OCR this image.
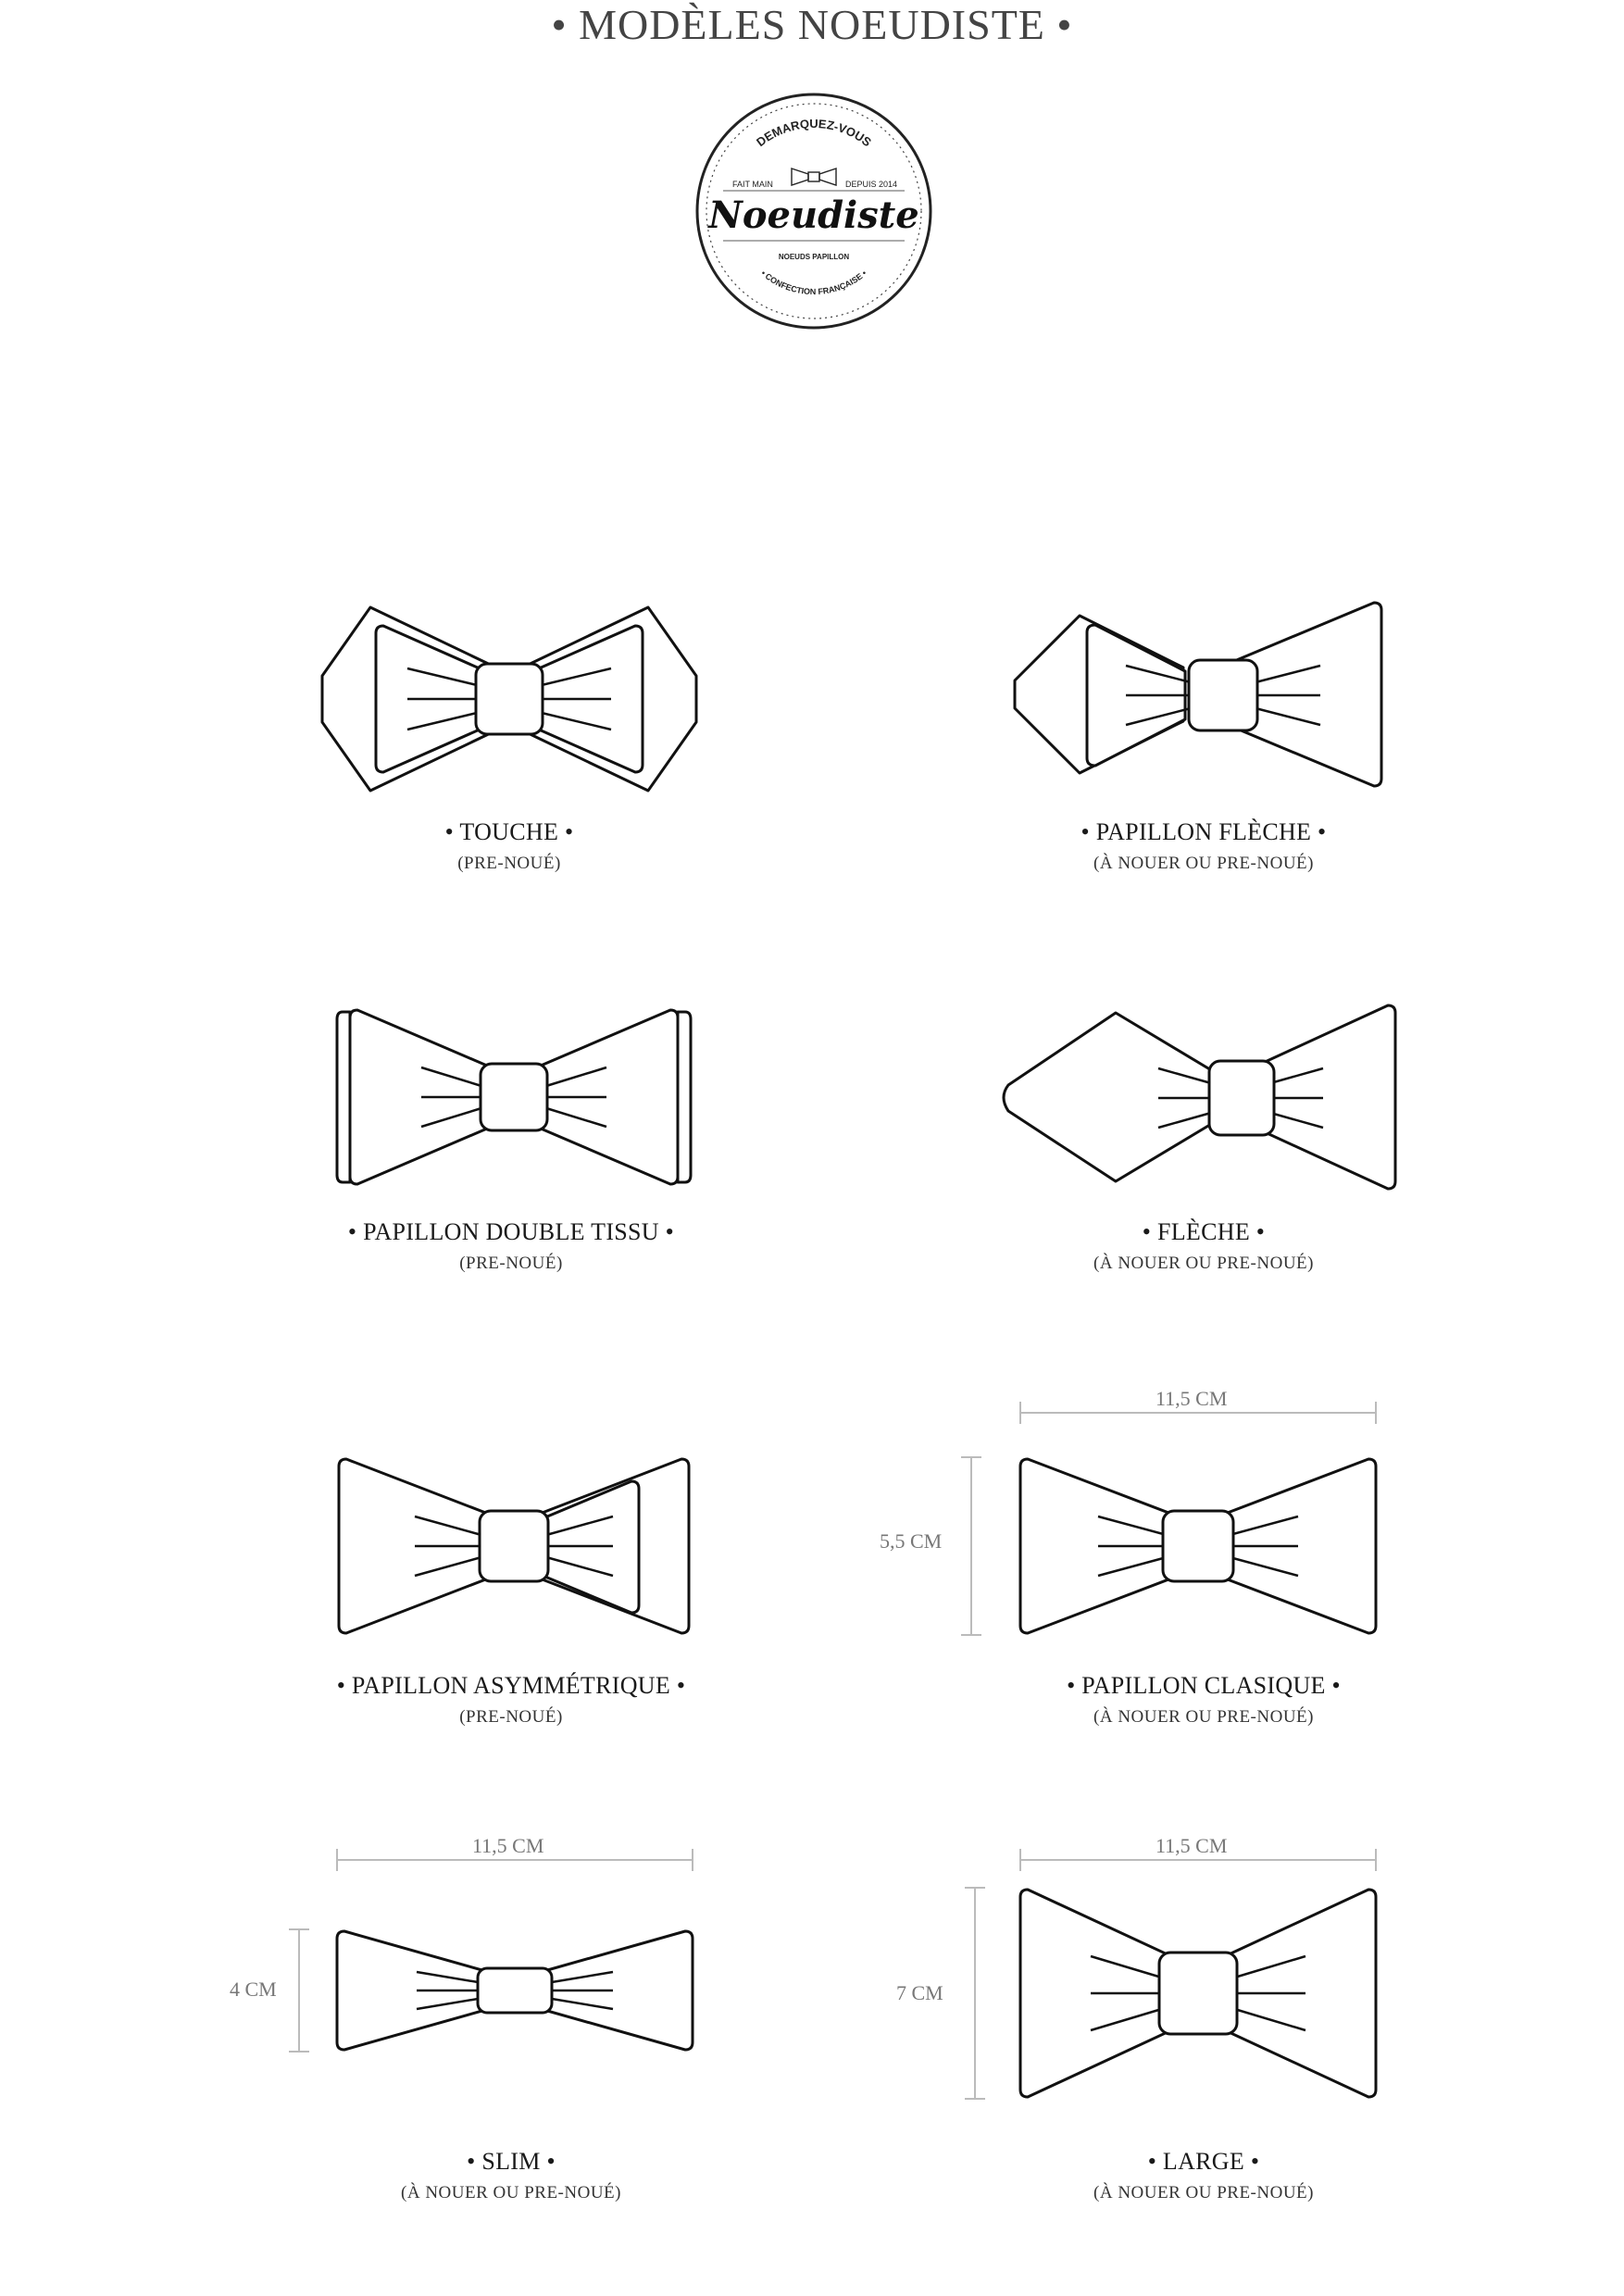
DEMARQUEZ-VOUS
FAIT MAIN	DEPUIS 2014
Noeudiste
NOEUDS PAPILLON
• CONFECTION FRANÇAISE •
• MODÈLES NOEUDISTE •
• TOUCHE •
(PRE-NOUÉ)
• PAPILLON FLÈCHE •
(À NOUER OU PRE-NOUÉ)
• PAPILLON DOUBLE TISSU •
(PRE-NOUÉ)
• FLÈCHE •
(À NOUER OU PRE-NOUÉ)
• PAPILLON ASYMMÉTRIQUE •
(PRE-NOUÉ)
11,5 CM
5,5 CM
• PAPILLON CLASIQUE •
(À NOUER OU PRE-NOUÉ)
11,5 CM
4 CM
• SLIM •
(À NOUER OU PRE-NOUÉ)
11,5 CM
7 CM
• LARGE •
(À NOUER OU PRE-NOUÉ)
